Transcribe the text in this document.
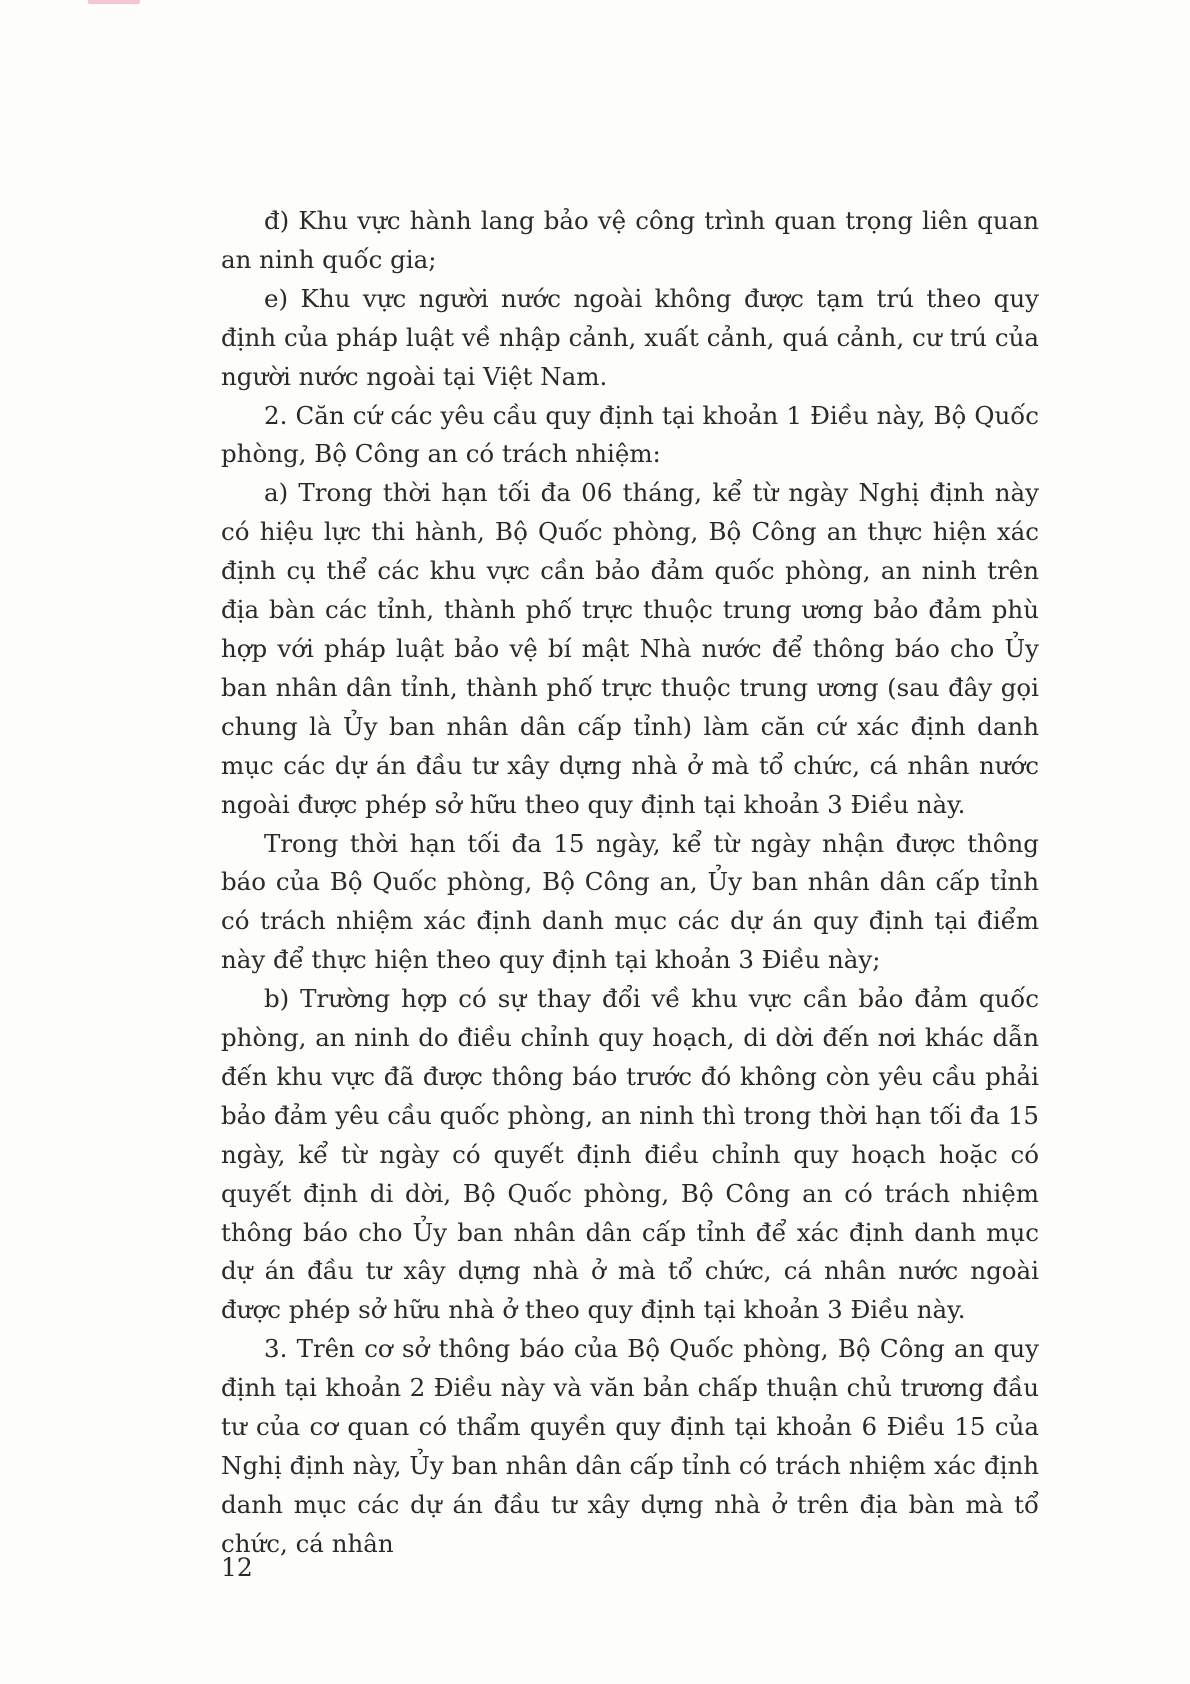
đ) Khu vực hành lang bảo vệ công trình quan trọng liên quan an ninh quốc gia;

e) Khu vực người nước ngoài không được tạm trú theo quy định của pháp luật về nhập cảnh, xuất cảnh, quá cảnh, cư trú của người nước ngoài tại Việt Nam.

2. Căn cứ các yêu cầu quy định tại khoản 1 Điều này, Bộ Quốc phòng, Bộ Công an có trách nhiệm:

a) Trong thời hạn tối đa 06 tháng, kể từ ngày Nghị định này có hiệu lực thi hành, Bộ Quốc phòng, Bộ Công an thực hiện xác định cụ thể các khu vực cần bảo đảm quốc phòng, an ninh trên địa bàn các tỉnh, thành phố trực thuộc trung ương bảo đảm phù hợp với pháp luật bảo vệ bí mật Nhà nước để thông báo cho Ủy ban nhân dân tỉnh, thành phố trực thuộc trung ương (sau đây gọi chung là Ủy ban nhân dân cấp tỉnh) làm căn cứ xác định danh mục các dự án đầu tư xây dựng nhà ở mà tổ chức, cá nhân nước ngoài được phép sở hữu theo quy định tại khoản 3 Điều này.

Trong thời hạn tối đa 15 ngày, kể từ ngày nhận được thông báo của Bộ Quốc phòng, Bộ Công an, Ủy ban nhân dân cấp tỉnh có trách nhiệm xác định danh mục các dự án quy định tại điểm này để thực hiện theo quy định tại khoản 3 Điều này;

b) Trường hợp có sự thay đổi về khu vực cần bảo đảm quốc phòng, an ninh do điều chỉnh quy hoạch, di dời đến nơi khác dẫn đến khu vực đã được thông báo trước đó không còn yêu cầu phải bảo đảm yêu cầu quốc phòng, an ninh thì trong thời hạn tối đa 15 ngày, kể từ ngày có quyết định điều chỉnh quy hoạch hoặc có quyết định di dời, Bộ Quốc phòng, Bộ Công an có trách nhiệm thông báo cho Ủy ban nhân dân cấp tỉnh để xác định danh mục dự án đầu tư xây dựng nhà ở mà tổ chức, cá nhân nước ngoài được phép sở hữu nhà ở theo quy định tại khoản 3 Điều này.

3. Trên cơ sở thông báo của Bộ Quốc phòng, Bộ Công an quy định tại khoản 2 Điều này và văn bản chấp thuận chủ trương đầu tư của cơ quan có thẩm quyền quy định tại khoản 6 Điều 15 của Nghị định này, Ủy ban nhân dân cấp tỉnh có trách nhiệm xác định danh mục các dự án đầu tư xây dựng nhà ở trên địa bàn mà tổ chức, cá nhân

12
